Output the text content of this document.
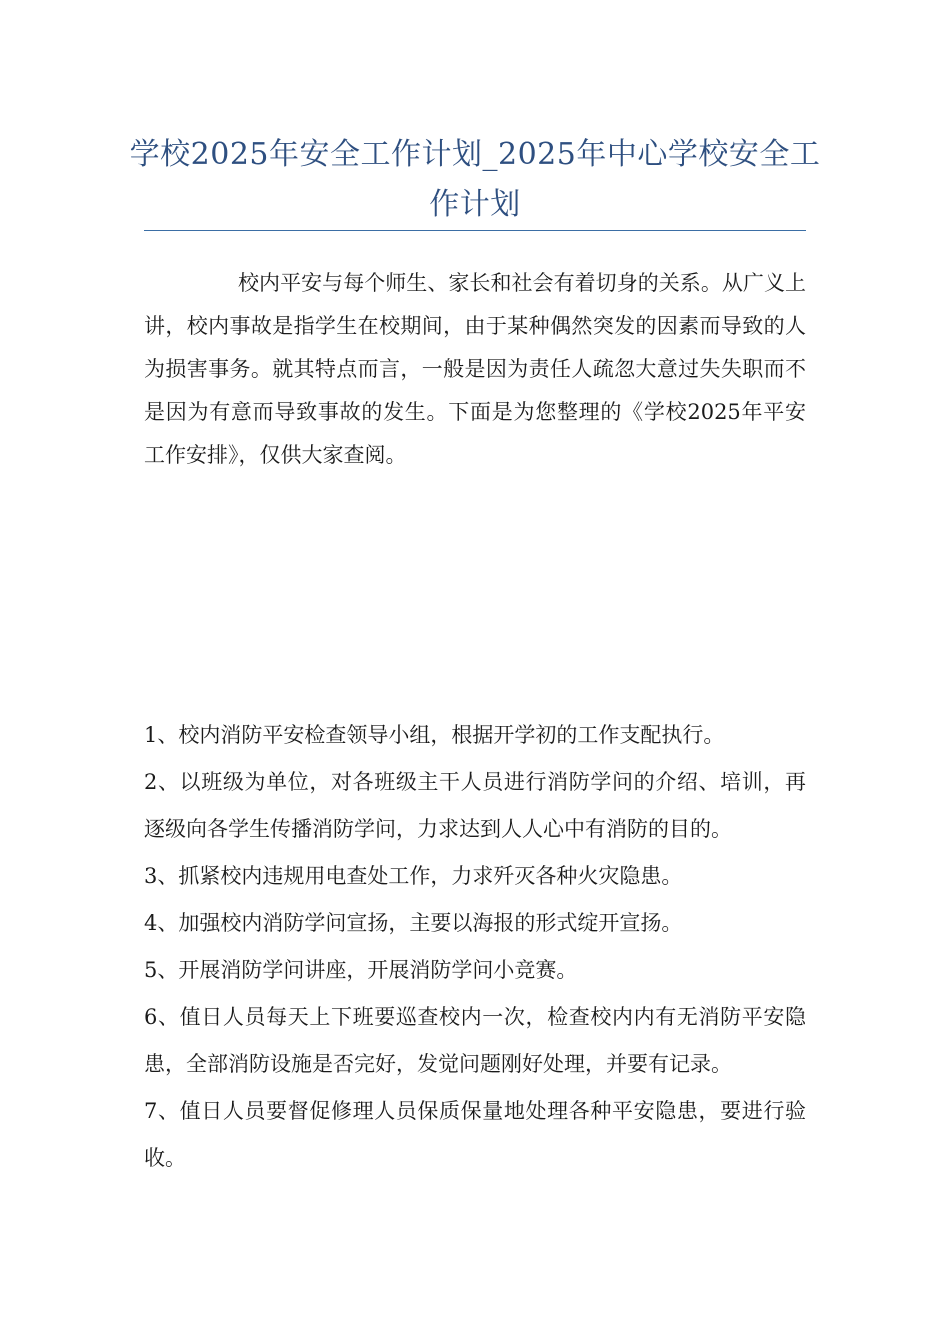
学校2025年安全工作计划_2025年中心学校安全工作计划

校内平安与每个师生、家长和社会有着切身的关系。从广义上讲，校内事故是指学生在校期间，由于某种偶然突发的因素而导致的人为损害事务。就其特点而言，一般是因为责任人疏忽大意过失失职而不是因为有意而导致事故的发生。下面是为您整理的《学校2025年平安工作安排》，仅供大家查阅。

1、校内消防平安检查领导小组，根据开学初的工作支配执行。
2、以班级为单位，对各班级主干人员进行消防学问的介绍、培训，再逐级向各学生传播消防学问，力求达到人人心中有消防的目的。
3、抓紧校内违规用电查处工作，力求歼灭各种火灾隐患。
4、加强校内消防学问宣扬，主要以海报的形式绽开宣扬。
5、开展消防学问讲座，开展消防学问小竞赛。
6、值日人员每天上下班要巡查校内一次，检查校内内有无消防平安隐患，全部消防设施是否完好，发觉问题刚好处理，并要有记录。
7、值日人员要督促修理人员保质保量地处理各种平安隐患，要进行验收。
